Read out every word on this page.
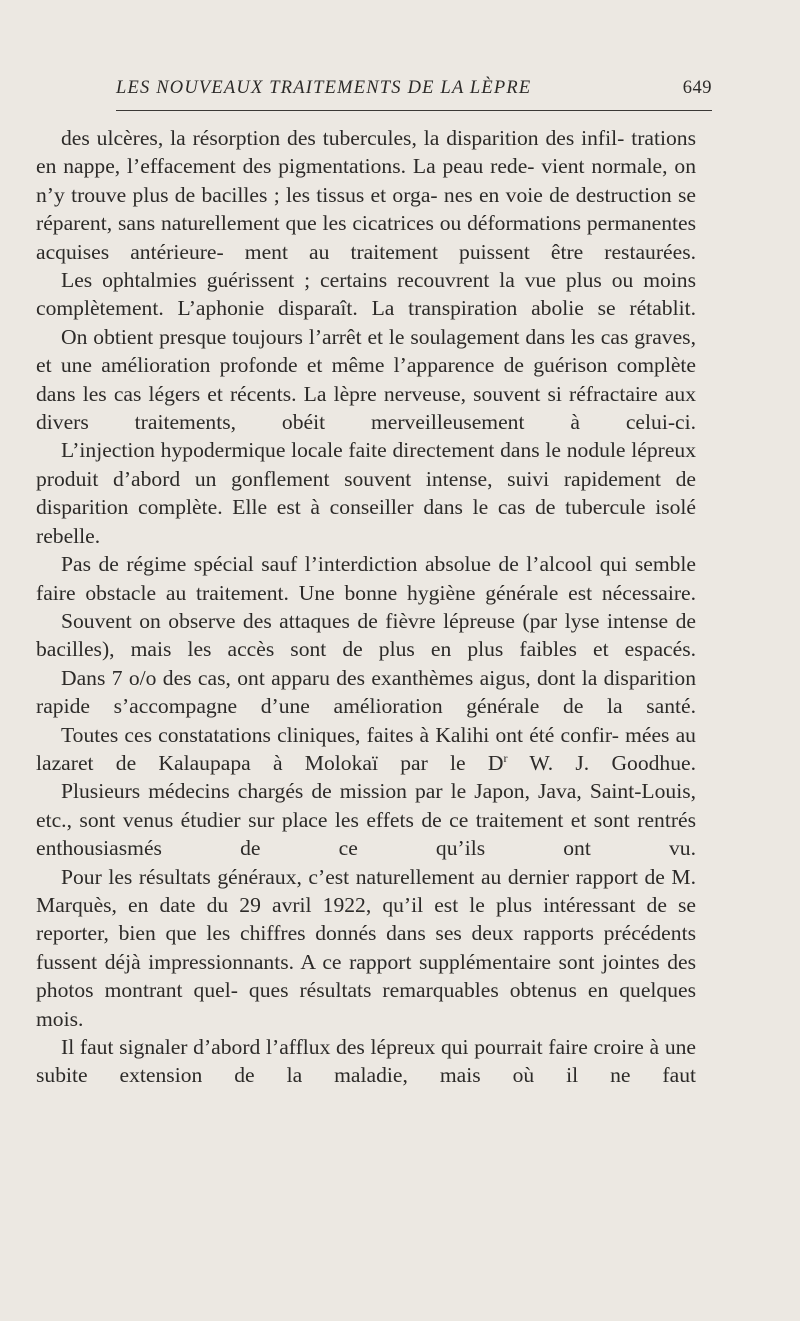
LES NOUVEAUX TRAITEMENTS DE LA LÈPRE	649

des ulcères, la résorption des tubercules, la disparition des infil- trations en nappe, l’effacement des pigmentations. La peau rede- vient normale, on n’y trouve plus de bacilles ; les tissus et orga- nes en voie de destruction se réparent, sans naturellement que les cicatrices ou déformations permanentes acquises antérieure- ment au traitement puissent être restaurées.

Les ophtalmies guérissent ; certains recouvrent la vue plus ou moins complètement. L’aphonie disparaît. La transpiration abolie se rétablit.

On obtient presque toujours l’arrêt et le soulagement dans les cas graves, et une amélioration profonde et même l’apparence de guérison complète dans les cas légers et récents. La lèpre nerveuse, souvent si réfractaire aux divers traitements, obéit merveilleusement à celui-ci.

L’injection hypodermique locale faite directement dans le nodule lépreux produit d’abord un gonflement souvent intense, suivi rapidement de disparition complète. Elle est à conseiller dans le cas de tubercule isolé rebelle.

Pas de régime spécial sauf l’interdiction absolue de l’alcool qui semble faire obstacle au traitement. Une bonne hygiène générale est nécessaire.

Souvent on observe des attaques de fièvre lépreuse (par lyse intense de bacilles), mais les accès sont de plus en plus faibles et espacés.

Dans 7 o/o des cas, ont apparu des exanthèmes aigus, dont la disparition rapide s’accompagne d’une amélioration générale de la santé.

Toutes ces constatations cliniques, faites à Kalihi ont été confir- mées au lazaret de Kalaupapa à Molokaï par le $D^r$ W. J. Goodhue.

Plusieurs médecins chargés de mission par le Japon, Java, Saint-Louis, etc., sont venus étudier sur place les effets de ce traitement et sont rentrés enthousiasmés de ce qu’ils ont vu.

Pour les résultats généraux, c’est naturellement au dernier rapport de M. Marquès, en date du 29 avril 1922, qu’il est le plus intéressant de se reporter, bien que les chiffres donnés dans ses deux rapports précédents fussent déjà impressionnants. A ce rapport supplémentaire sont jointes des photos montrant quel- ques résultats remarquables obtenus en quelques mois.

Il faut signaler d’abord l’afflux des lépreux qui pourrait faire croire à une subite extension de la maladie, mais où il ne faut
